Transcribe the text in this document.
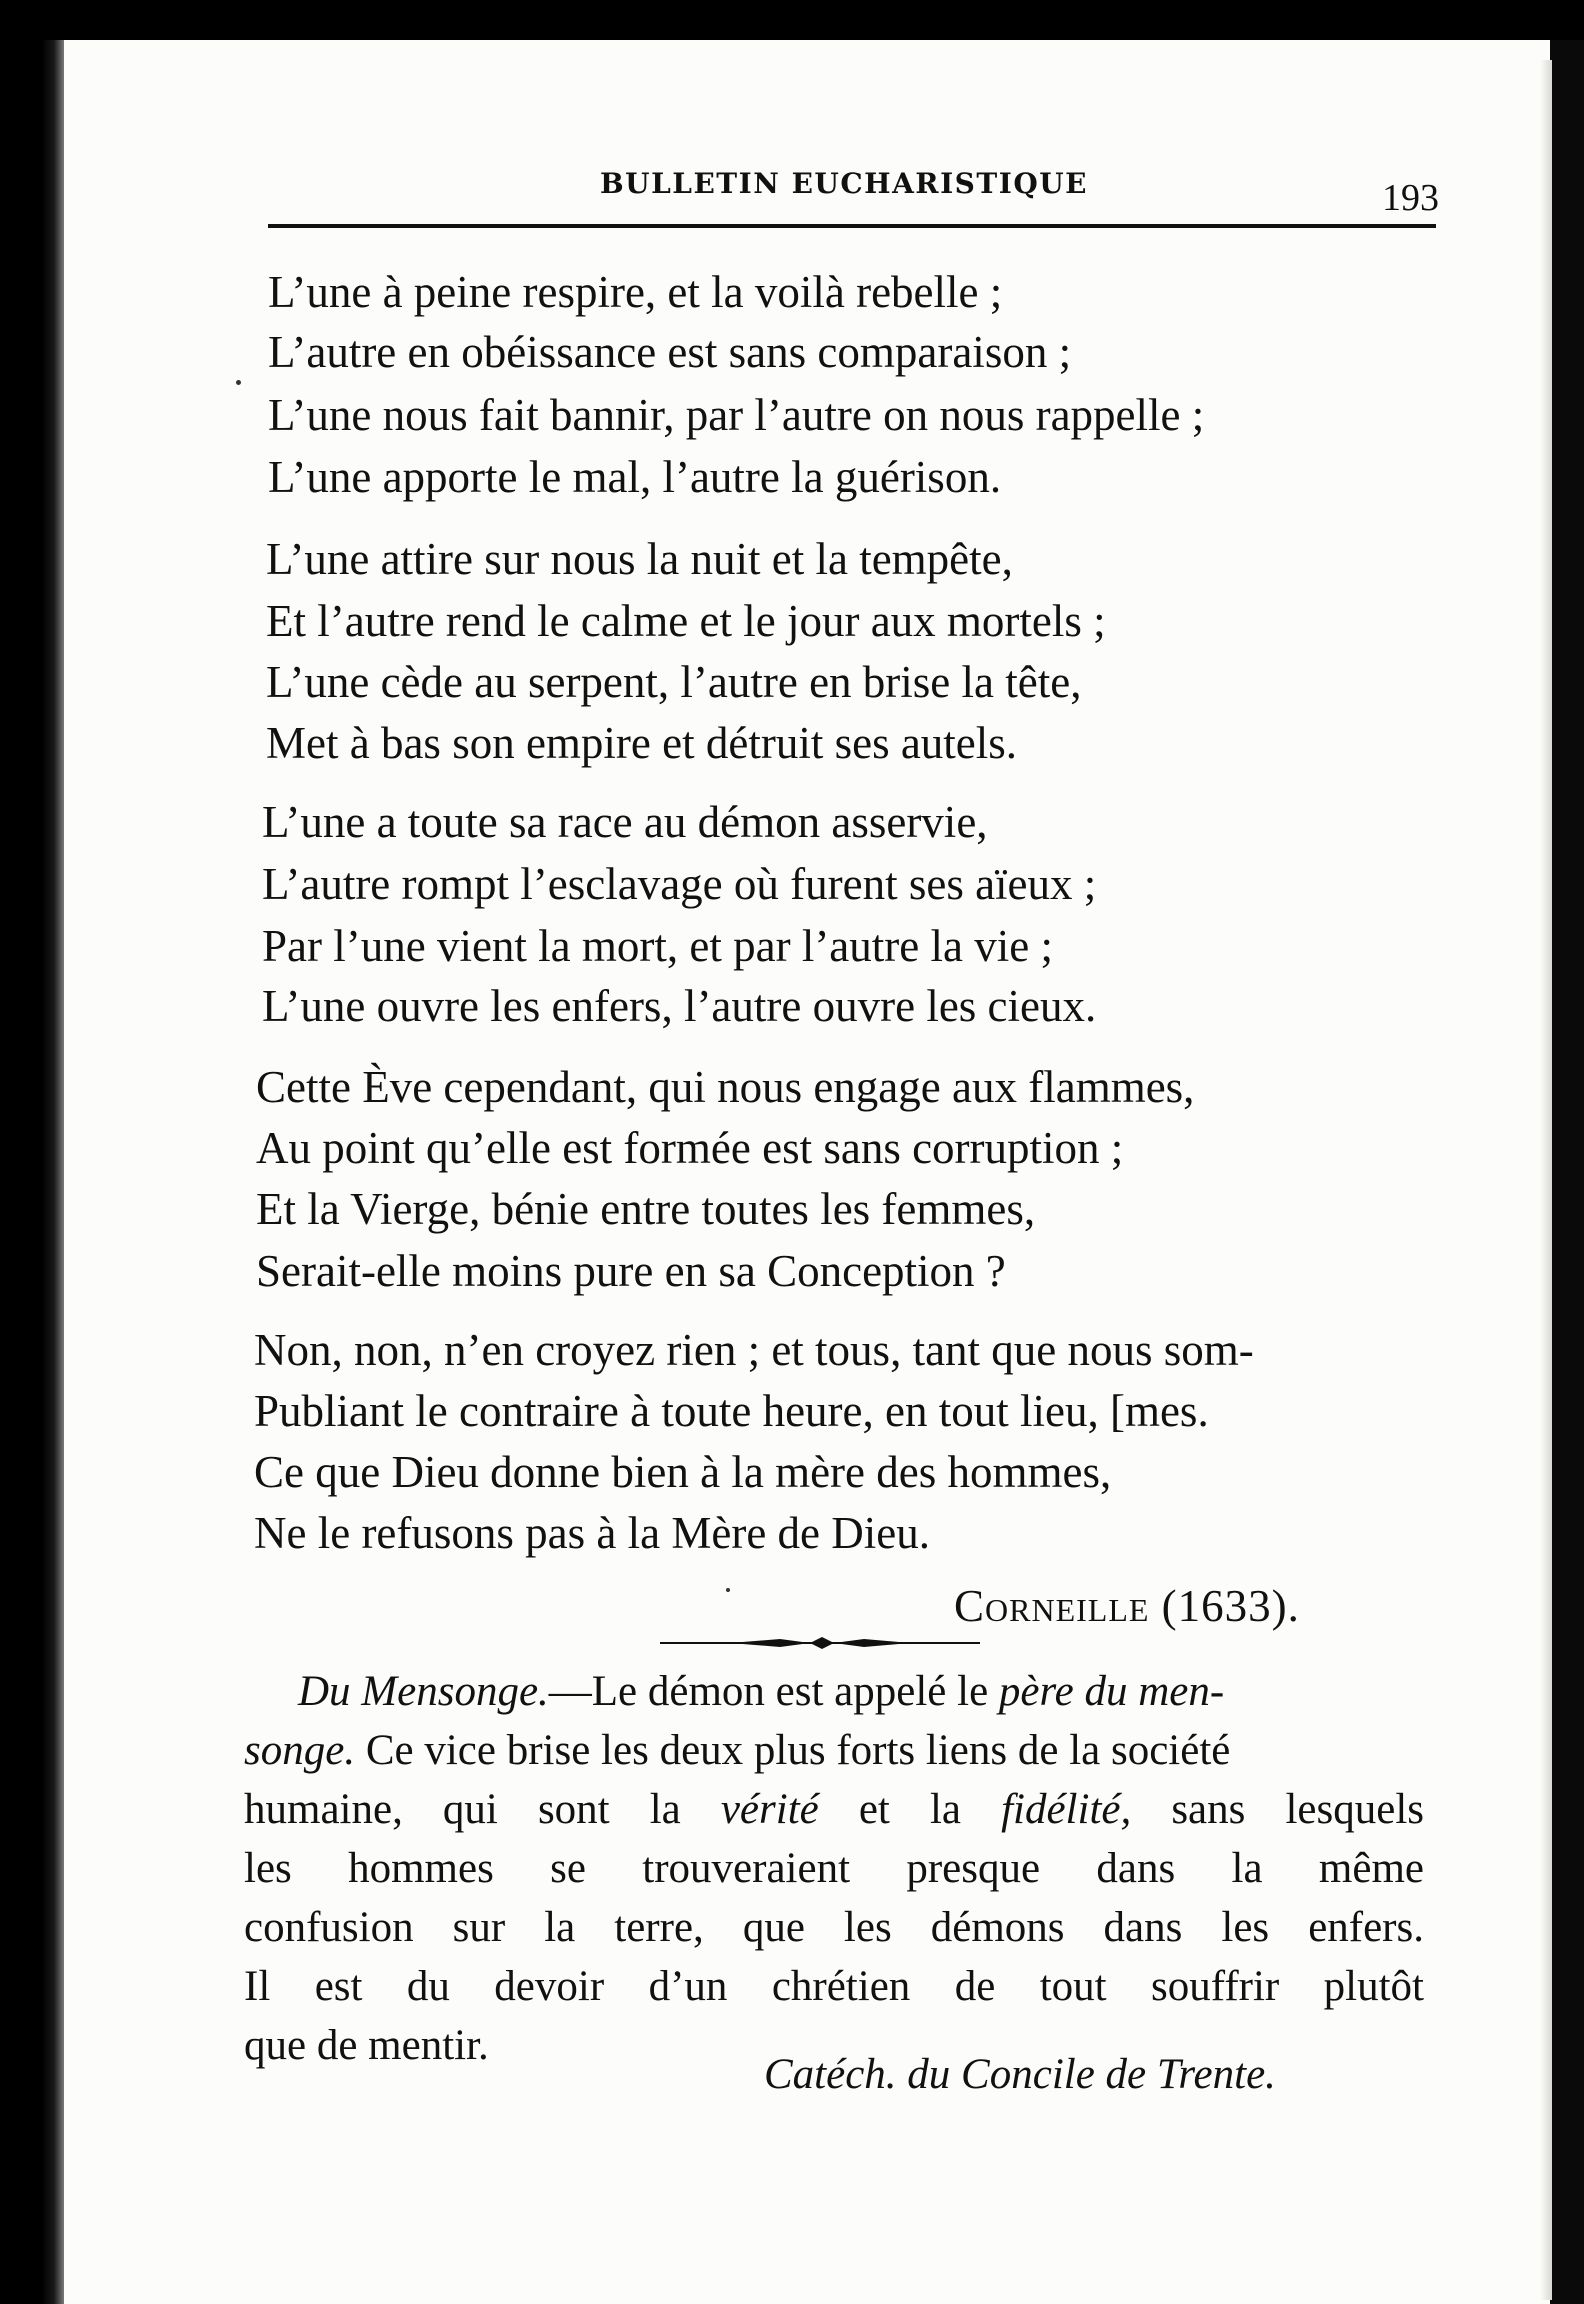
BULLETIN EUCHARISTIQUE	193
L’une à peine respire, et la voilà rebelle ;
L’autre en obéissance est sans comparaison ;
L’une nous fait bannir, par l’autre on nous rappelle ;
L’une apporte le mal, l’autre la guérison.
L’une attire sur nous la nuit et la tempête,
Et l’autre rend le calme et le jour aux mortels ;
L’une cède au serpent, l’autre en brise la tête,
Met à bas son empire et détruit ses autels.
L’une a toute sa race au démon asservie,
L’autre rompt l’esclavage où furent ses aïeux ;
Par l’une vient la mort, et par l’autre la vie ;
L’une ouvre les enfers, l’autre ouvre les cieux.
Cette Ève cependant, qui nous engage aux flammes,
Au point qu’elle est formée est sans corruption ;
Et la Vierge, bénie entre toutes les femmes,
Serait-elle moins pure en sa Conception ?
Non, non, n’en croyez rien ; et tous, tant que nous som-
Publiant le contraire à toute heure, en tout lieu, [mes.
Ce que Dieu donne bien à la mère des hommes,
Ne le refusons pas à la Mère de Dieu.
Corneille (1633).
Du Mensonge.—Le démon est appelé le père du men-
songe. Ce vice brise les deux plus forts liens de la société
humaine, qui sont la vérité et la fidélité, sans lesquels
les hommes se trouveraient presque dans la même
confusion sur la terre, que les démons dans les enfers.
Il est du devoir d’un chrétien de tout souffrir plutôt
que de mentir.
Catéch. du Concile de Trente.
